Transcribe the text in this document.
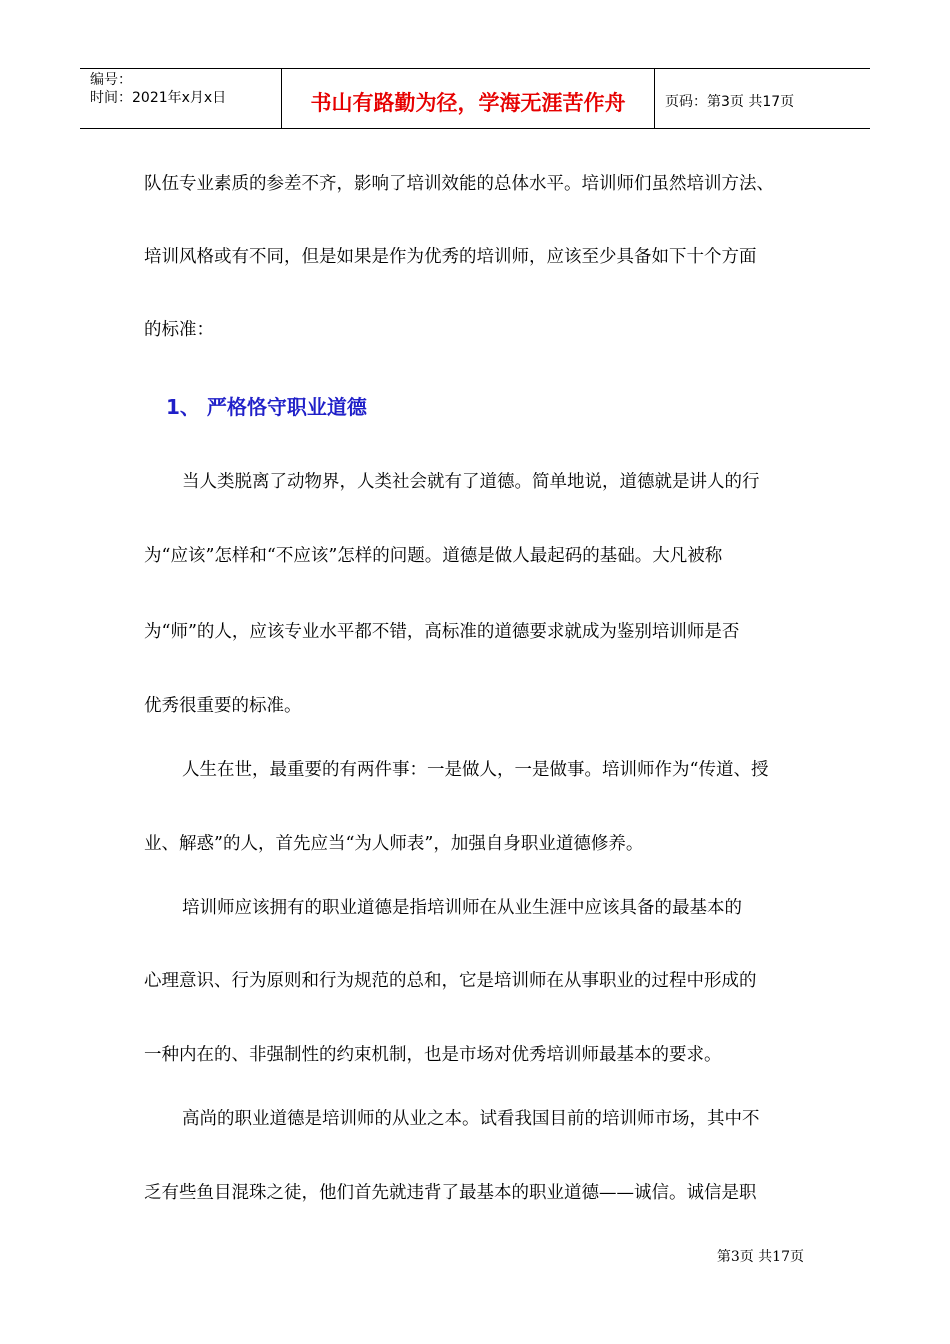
编号：
时间：2021年x月x日	书山有路勤为径，学海无涯苦作舟	页码：第3页 共17页
队伍专业素质的参差不齐，影响了培训效能的总体水平。培训师们虽然培训方法、
培训风格或有不同，但是如果是作为优秀的培训师，应该至少具备如下十个方面
的标准：
1、 严格恪守职业道德
当人类脱离了动物界，人类社会就有了道德。简单地说，道德就是讲人的行
为“应该”怎样和“不应该”怎样的问题。道德是做人最起码的基础。大凡被称
为“师”的人，应该专业水平都不错，高标准的道德要求就成为鉴别培训师是否
优秀很重要的标准。
人生在世，最重要的有两件事：一是做人，一是做事。培训师作为“传道、授
业、解惑”的人，首先应当“为人师表”，加强自身职业道德修养。
培训师应该拥有的职业道德是指培训师在从业生涯中应该具备的最基本的
心理意识、行为原则和行为规范的总和，它是培训师在从事职业的过程中形成的
一种内在的、非强制性的约束机制，也是市场对优秀培训师最基本的要求。
高尚的职业道德是培训师的从业之本。试看我国目前的培训师市场，其中不
乏有些鱼目混珠之徒，他们首先就违背了最基本的职业道德——诚信。诚信是职
第3页 共17页
